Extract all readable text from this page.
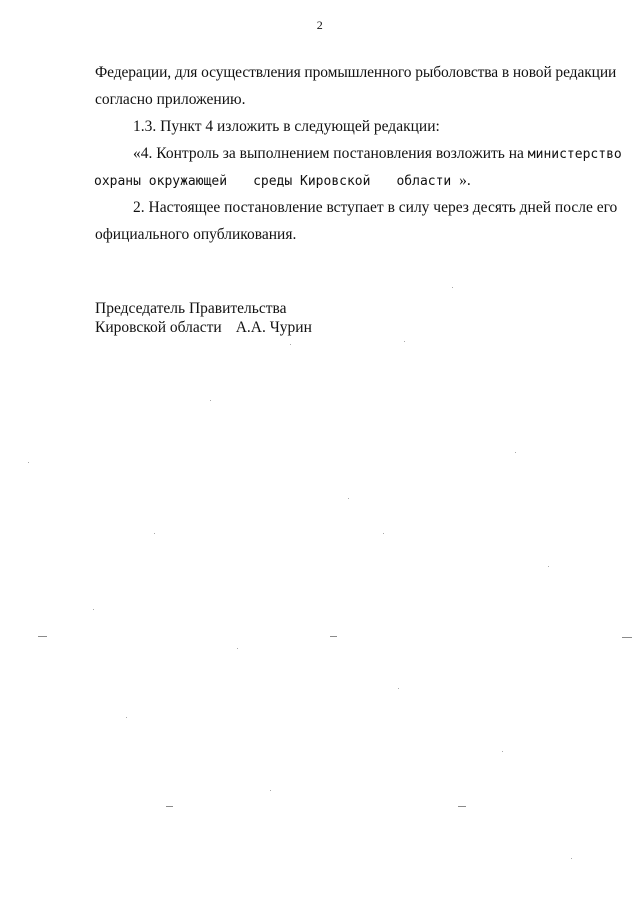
2
Федерации, для осуществления промышленного рыболовства в новой редакции
согласно приложению.
1.3. Пункт 4 изложить в следующей редакции:
«4. Контроль за выполнением постановления возложить на министерство
охраны окружающей среды Кировской области ».
2. Настоящее постановление вступает в силу через десять дней после его
официального опубликования.
Председатель Правительства
Кировской области А.А. Чурин
